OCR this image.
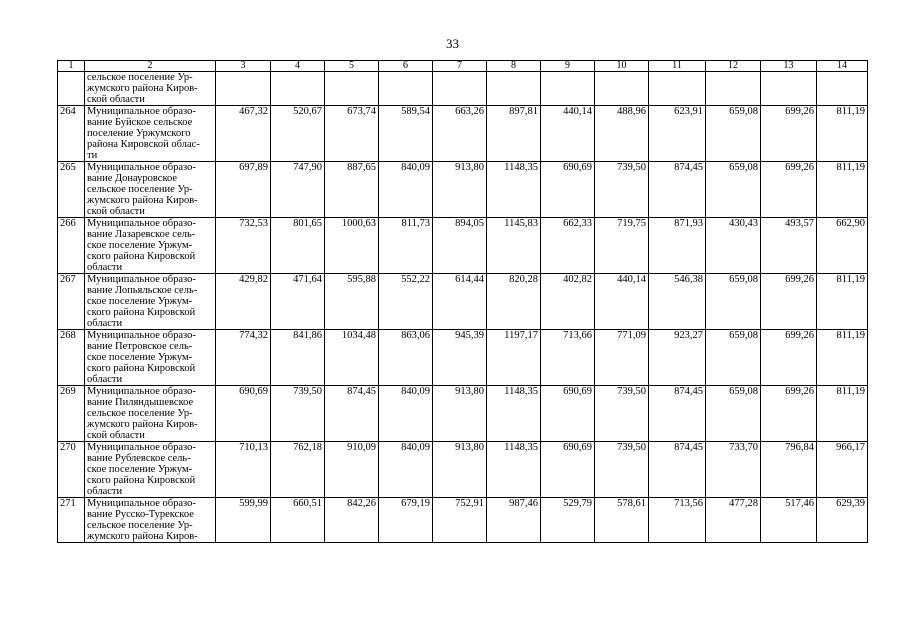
33
1	2	3	4	5	6	7	8	9	10	11	12	13	14

	сельское поселение Ур-
жумского района Киров-
ской области												

264	Муниципальное образо-
вание Буйское сельское
поселение Уржумского
района Кировской облас-
ти	467,32	520,67	673,74	589,54	663,26	897,81	440,14	488,96	623,91	659,08	699,26	811,19
265	Муниципальное образо-
вание Донауровское
сельское поселение Ур-
жумского района Киров-
ской области	697,89	747,90	887,65	840,09	913,80	1148,35	690,69	739,50	874,45	659,08	699,26	811,19
266	Муниципальное образо-
вание Лазаревское сель-
ское поселение Уржум-
ского района Кировской
области	732,53	801,65	1000,63	811,73	894,05	1145,83	662,33	719,75	871,93	430,43	493,57	662,90
267	Муниципальное образо-
вание Лопьяльское сель-
ское поселение Уржум-
ского района Кировской
области	429,82	471,64	595,88	552,22	614,44	820,28	402,82	440,14	546,38	659,08	699,26	811,19
268	Муниципальное образо-
вание Петровское сель-
ское поселение Уржум-
ского района Кировской
области	774,32	841,86	1034,48	863,06	945,39	1197,17	713,66	771,09	923,27	659,08	699,26	811,19
269	Муниципальное образо-
вание Пиляндышевское
сельское поселение Ур-
жумского района Киров-
ской области	690,69	739,50	874,45	840,09	913,80	1148,35	690,69	739,50	874,45	659,08	699,26	811,19
270	Муниципальное образо-
вание Рублевское сель-
ское поселение Уржум-
ского района Кировской
области	710,13	762,18	910,09	840,09	913,80	1148,35	690,69	739,50	874,45	733,70	796,84	966,17
271	Муниципальное образо-
вание Русско-Турекское
сельское поселение Ур-
жумского района Киров-	599,99	660,51	842,26	679,19	752,91	987,46	529,79	578,61	713,56	477,28	517,46	629,39
